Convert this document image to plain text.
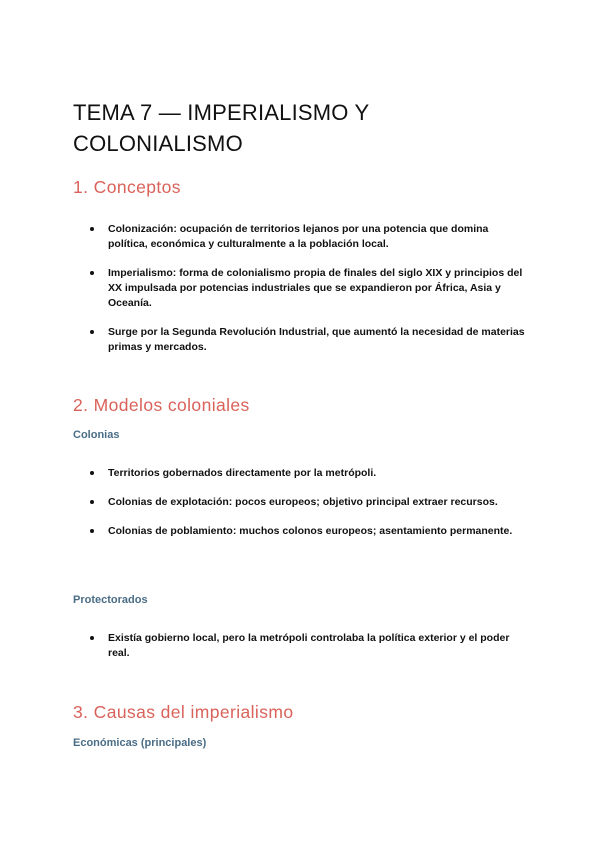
TEMA 7 — IMPERIALISMO Y COLONIALISMO
1. Conceptos
Colonización: ocupación de territorios lejanos por una potencia que domina política, económica y culturalmente a la población local.
Imperialismo: forma de colonialismo propia de finales del siglo XIX y principios del XX impulsada por potencias industriales que se expandieron por África, Asia y Oceanía.
Surge por la Segunda Revolución Industrial, que aumentó la necesidad de materias primas y mercados.
2. Modelos coloniales
Colonias
Territorios gobernados directamente por la metrópoli.
Colonias de explotación: pocos europeos; objetivo principal extraer recursos.
Colonias de poblamiento: muchos colonos europeos; asentamiento permanente.
Protectorados
Existía gobierno local, pero la metrópoli controlaba la política exterior y el poder real.
3. Causas del imperialismo
Económicas (principales)
